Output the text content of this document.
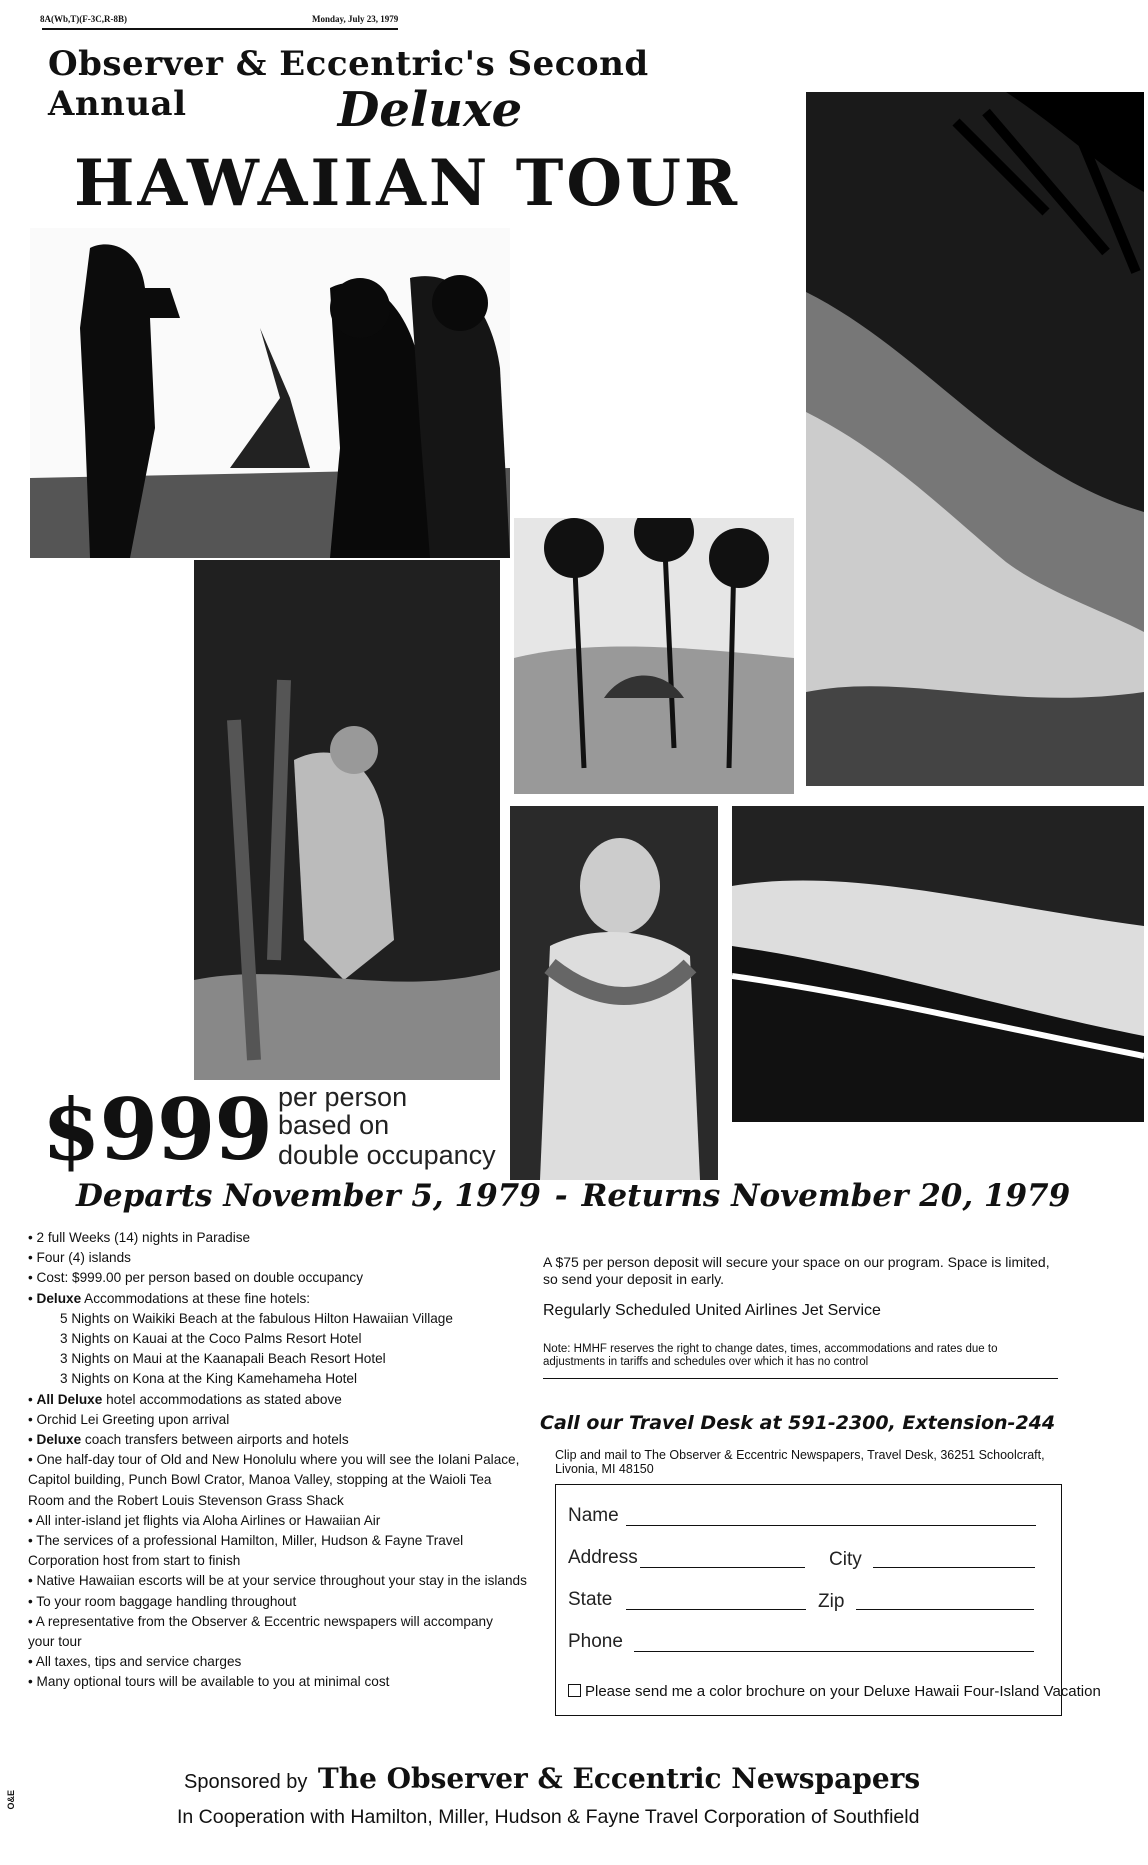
8A(Wb,T)(F-3C,R-8B)	Monday, July 23, 1979
Observer & Eccentric's Second Annual	Deluxe
HAWAIIAN TOUR
$999 per person
based on
double occupancy
Departs November 5, 1979 - Returns November 20, 1979
• 2 full Weeks (14) nights in Paradise
• Four (4) islands
• Cost: $999.00 per person based on double occupancy
• Deluxe Accommodations at these fine hotels:
5 Nights on Waikiki Beach at the fabulous Hilton Hawaiian Village
3 Nights on Kauai at the Coco Palms Resort Hotel
3 Nights on Maui at the Kaanapali Beach Resort Hotel
3 Nights on Kona at the King Kamehameha Hotel
• All Deluxe hotel accommodations as stated above
• Orchid Lei Greeting upon arrival
• Deluxe coach transfers between airports and hotels
• One half-day tour of Old and New Honolulu where you will see the Iolani Palace,
Capitol building, Punch Bowl Crator, Manoa Valley, stopping at the Waioli Tea
Room and the Robert Louis Stevenson Grass Shack
• All inter-island jet flights via Aloha Airlines or Hawaiian Air
• The services of a professional Hamilton, Miller, Hudson & Fayne Travel
Corporation host from start to finish
• Native Hawaiian escorts will be at your service throughout your stay in the islands
• To your room baggage handling throughout
• A representative from the Observer & Eccentric newspapers will accompany
your tour
• All taxes, tips and service charges
• Many optional tours will be available to you at minimal cost
A $75 per person deposit will secure your space on our program. Space is limited, so send your deposit in early.
Regularly Scheduled United Airlines Jet Service
Note: HMHF reserves the right to change dates, times, accommodations and rates due to adjustments in tariffs and schedules over which it has no control
Call our Travel Desk at 591-2300, Extension-244
Clip and mail to The Observer & Eccentric Newspapers, Travel Desk, 36251 Schoolcraft, Livonia, MI 48150
Name
Address	City
State	Zip
Phone
Please send me a color brochure on your Deluxe Hawaii Four-Island Vacation
Sponsored by The Observer & Eccentric Newspapers
In Cooperation with Hamilton, Miller, Hudson & Fayne Travel Corporation of Southfield
O&E
